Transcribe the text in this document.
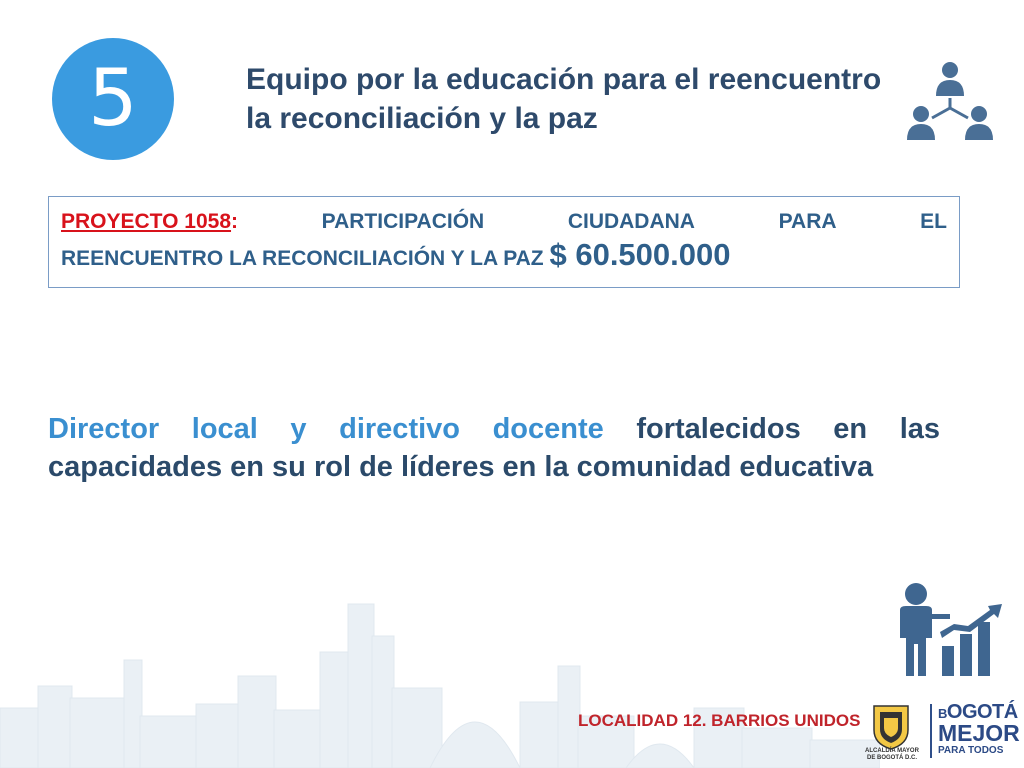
5	Equipo por la educación para el reencuentro la reconciliación y la paz
PROYECTO 1058:	PARTICIPACIÓN	CIUDADANA	PARA	EL
REENCUENTRO LA RECONCILIACIÓN Y LA PAZ $ 60.500.000
Director local y directivo docente fortalecidos en las capacidades en su rol de líderes en la comunidad educativa
LOCALIDAD 12. BARRIOS UNIDOS
ALCALDÍA MAYOR
DE BOGOTÁ D.C.
BOGOTÁ
MEJOR
PARA TODOS
